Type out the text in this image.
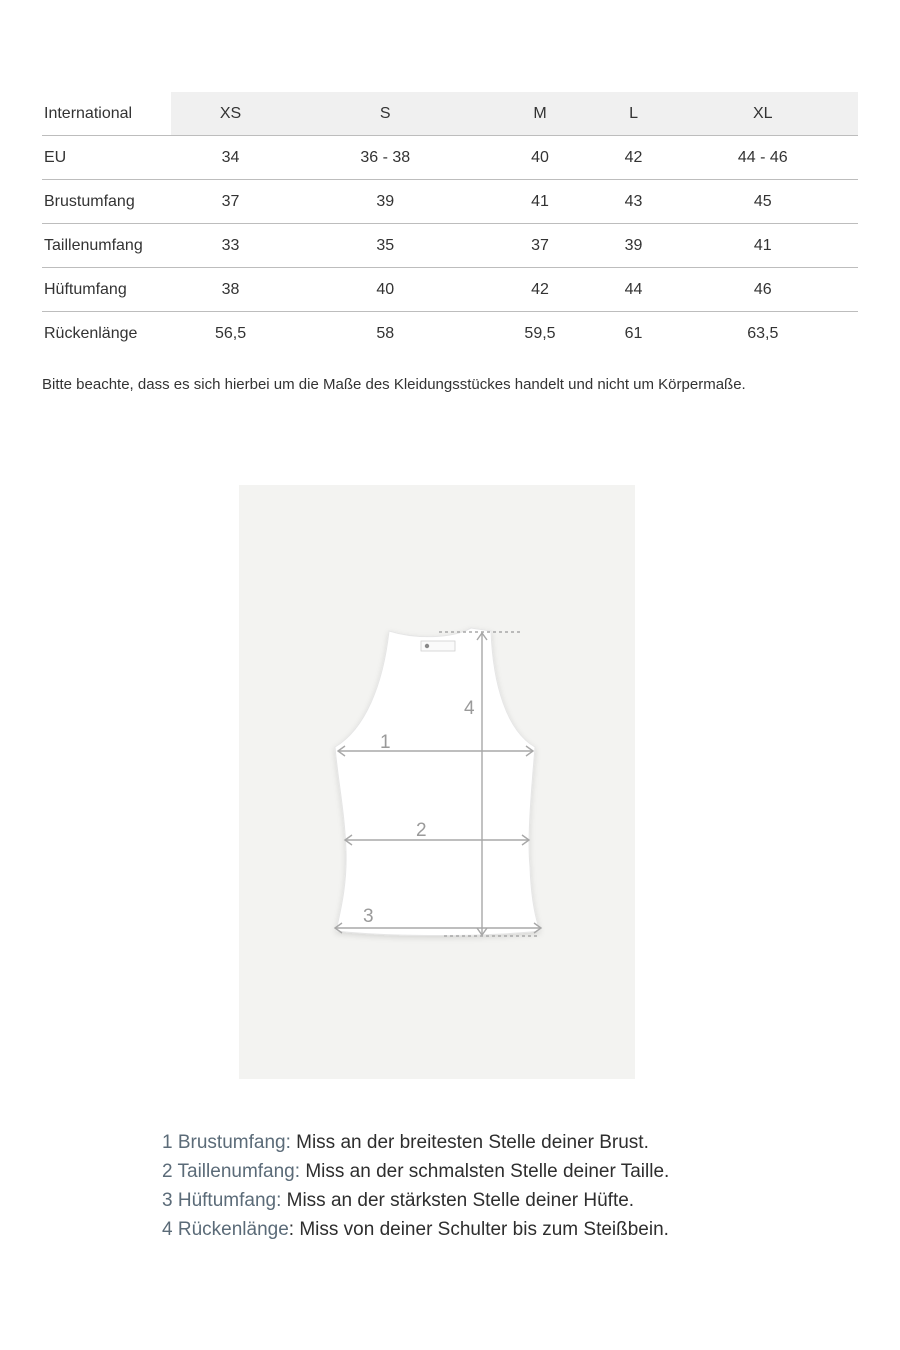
International	XS	S	M	L	XL
EU	34	36 - 38	40	42	44 - 46
Brustumfang	37	39	41	43	45
Taillenumfang	33	35	37	39	41
Hüftumfang	38	40	42	44	46
Rückenlänge	56,5	58	59,5	61	63,5

Bitte beachte, dass es sich hierbei um die Maße des Kleidungsstückes handelt und nicht um Körpermaße.

1
2
3
4
1 Brustumfang: Miss an der breitesten Stelle deiner Brust.
2 Taillenumfang: Miss an der schmalsten Stelle deiner Taille.
3 Hüftumfang: Miss an der stärksten Stelle deiner Hüfte.
4 Rückenlänge: Miss von deiner Schulter bis zum Steißbein.
